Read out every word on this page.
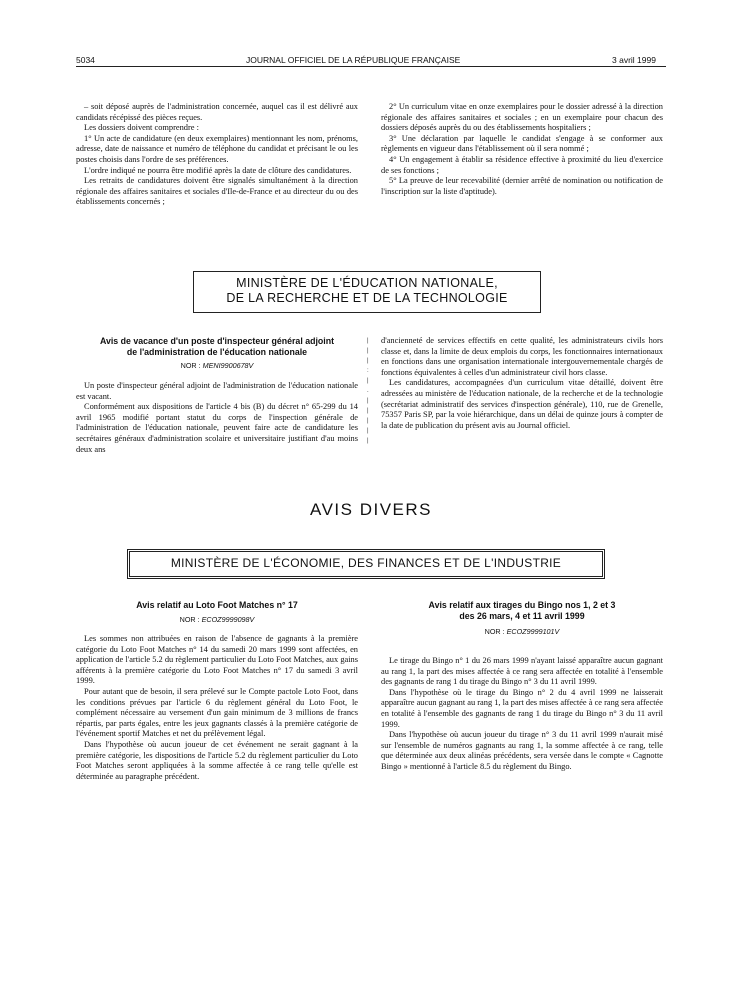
5034	JOURNAL OFFICIEL DE LA RÉPUBLIQUE FRANÇAISE	3 avril 1999

– soit déposé auprès de l'administration concernée, auquel cas il est délivré aux candidats récépissé des pièces reçues.

Les dossiers doivent comprendre :

1° Un acte de candidature (en deux exemplaires) mentionnant les nom, prénoms, adresse, date de naissance et numéro de téléphone du candidat et précisant le ou les postes choisis dans l'ordre de ses préférences.

L'ordre indiqué ne pourra être modifié après la date de clôture des candidatures.

Les retraits de candidatures doivent être signalés simultanément à la direction régionale des affaires sanitaires et sociales d'Ile-de-France et au directeur du ou des établissements concernés ;

2° Un curriculum vitae en onze exemplaires pour le dossier adressé à la direction régionale des affaires sanitaires et sociales ; en un exemplaire pour chacun des dossiers déposés auprès du ou des établissements hospitaliers ;

3° Une déclaration par laquelle le candidat s'engage à se conformer aux règlements en vigueur dans l'établissement où il sera nommé ;

4° Un engagement à établir sa résidence effective à proximité du lieu d'exercice de ses fonctions ;

5° La preuve de leur recevabilité (dernier arrêté de nomination ou notification de l'inscription sur la liste d'aptitude).

MINISTÈRE DE L'ÉDUCATION NATIONALE,
DE LA RECHERCHE ET DE LA TECHNOLOGIE
Avis de vacance d'un poste d'inspecteur général adjoint
de l'administration de l'éducation nationale
NOR : MENI9900678V

Un poste d'inspecteur général adjoint de l'administration de l'éducation nationale est vacant.

Conformément aux dispositions de l'article 4 bis (B) du décret n° 65-299 du 14 avril 1965 modifié portant statut du corps de l'inspection générale de l'administration de l'éducation nationale, peuvent faire acte de candidature les secrétaires généraux d'administration scolaire et universitaire justifiant d'au moins deux ans

|
|
|
:
|
.
|
|
|
|
|

d'ancienneté de services effectifs en cette qualité, les administrateurs civils hors classe et, dans la limite de deux emplois du corps, les fonctionnaires internationaux en fonctions dans une organisation internationale intergouvernementale chargés de fonctions équivalentes à celles d'un administrateur civil hors classe.

Les candidatures, accompagnées d'un curriculum vitae détaillé, doivent être adressées au ministère de l'éducation nationale, de la recherche et de la technologie (secrétariat administratif des services d'inspection générale), 110, rue de Grenelle, 75357 Paris SP, par la voie hiérarchique, dans un délai de quinze jours à compter de la date de publication du présent avis au Journal officiel.

AVIS DIVERS
MINISTÈRE DE L'ÉCONOMIE, DES FINANCES ET DE L'INDUSTRIE
Avis relatif au Loto Foot Matches n° 17
NOR : ECOZ9999098V

Les sommes non attribuées en raison de l'absence de gagnants à la première catégorie du Loto Foot Matches n° 14 du samedi 20 mars 1999 sont affectées, en application de l'article 5.2 du règlement particulier du Loto Foot Matches, aux gains afférents à la première catégorie du Loto Foot Matches n° 17 du samedi 3 avril 1999.

Pour autant que de besoin, il sera prélevé sur le Compte pactole Loto Foot, dans les conditions prévues par l'article 6 du règlement général du Loto Foot, le complément nécessaire au versement d'un gain minimum de 3 millions de francs répartis, par parts égales, entre les jeux gagnants classés à la première catégorie de l'événement sportif Matches et net du prélèvement légal.

Dans l'hypothèse où aucun joueur de cet événement ne serait gagnant à la première catégorie, les dispositions de l'article 5.2 du règlement particulier du Loto Foot Matches seront appliquées à la somme affectée à ce rang telle qu'elle est déterminée au paragraphe précédent.

Avis relatif aux tirages du Bingo nos 1, 2 et 3
des 26 mars, 4 et 11 avril 1999
NOR : ECOZ9999101V

Le tirage du Bingo n° 1 du 26 mars 1999 n'ayant laissé apparaître aucun gagnant au rang 1, la part des mises affectée à ce rang sera affectée en totalité à l'ensemble des gagnants de rang 1 du tirage du Bingo n° 3 du 11 avril 1999.

Dans l'hypothèse où le tirage du Bingo n° 2 du 4 avril 1999 ne laisserait apparaître aucun gagnant au rang 1, la part des mises affectée à ce rang sera affectée en totalité à l'ensemble des gagnants de rang 1 du tirage du Bingo n° 3 du 11 avril 1999.

Dans l'hypothèse où aucun joueur du tirage n° 3 du 11 avril 1999 n'aurait misé sur l'ensemble de numéros gagnants au rang 1, la somme affectée à ce rang, telle que déterminée aux deux alinéas précédents, sera versée dans le compte « Cagnotte Bingo » mentionné à l'article 8.5 du règlement du Bingo.
